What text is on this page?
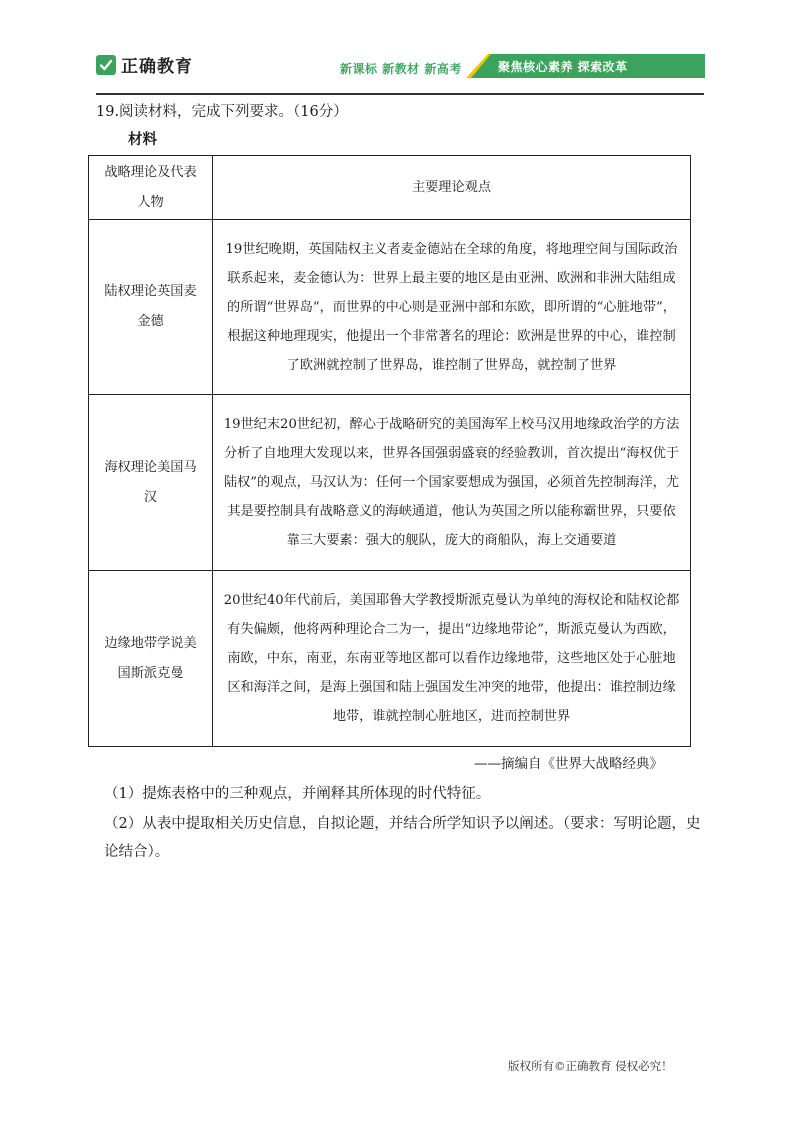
正确教育	新课标 新教材 新高考	聚焦核心素养 探索改革
19.阅读材料，完成下列要求。（16分）
材料
战略理论及代表人物	主要理论观点
陆权理论英国麦金德	19世纪晚期，英国陆权主义者麦金德站在全球的角度，将地理空间与国际政治联系起来，麦金德认为：世界上最主要的地区是由亚洲、欧洲和非洲大陆组成的所谓“世界岛”，而世界的中心则是亚洲中部和东欧，即所谓的“心脏地带”，根据这种地理现实，他提出一个非常著名的理论：欧洲是世界的中心，谁控制了欧洲就控制了世界岛，谁控制了世界岛，就控制了世界
海权理论美国马汉	19世纪末20世纪初，醉心于战略研究的美国海军上校马汉用地缘政治学的方法分析了自地理大发现以来，世界各国强弱盛衰的经验教训，首次提出“海权优于陆权”的观点，马汉认为：任何一个国家要想成为强国，必须首先控制海洋，尤其是要控制具有战略意义的海峡通道，他认为英国之所以能称霸世界，只要依靠三大要素：强大的舰队，庞大的商船队，海上交通要道
边缘地带学说美国斯派克曼	20世纪40年代前后，美国耶鲁大学教授斯派克曼认为单纯的海权论和陆权论都有失偏颇，他将两种理论合二为一，提出“边缘地带论”，斯派克曼认为西欧，南欧，中东，南亚，东南亚等地区都可以看作边缘地带，这些地区处于心脏地区和海洋之间，是海上强国和陆上强国发生冲突的地带，他提出：谁控制边缘地带，谁就控制心脏地区，进而控制世界
——摘编自《世界大战略经典》
（1）提炼表格中的三种观点，并阐释其所体现的时代特征。
（2）从表中提取相关历史信息，自拟论题，并结合所学知识予以阐述。（要求：写明论题，史论结合）。
版权所有©正确教育 侵权必究！
